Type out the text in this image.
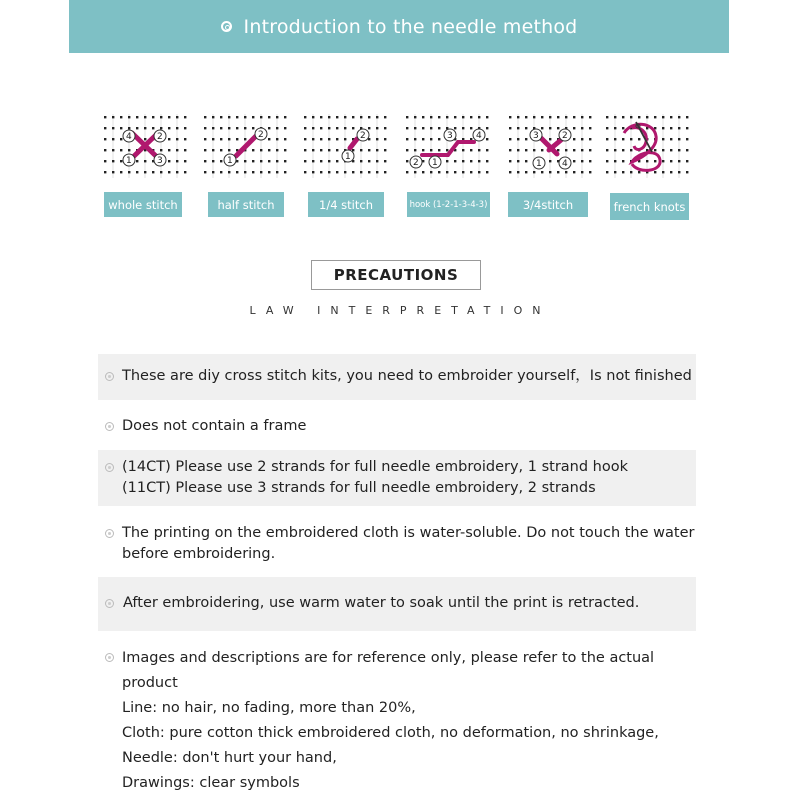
Introduction to the needle method
4	2
1	3
2
1
2
1
3	4
2 1
3	2
1 4
whole stitch	half stitch	1/4 stitch	hook (1-2-1-3-4-3)	3/4stitch	french knots
PRECAUTIONS
LAW INTERPRETATION

These are diy cross stitch kits, you need to embroider yourself，Is not finished

Does not contain a frame

(14CT) Please use 2 strands for full needle embroidery, 1 strand hook

(11CT) Please use 3 strands for full needle embroidery, 2 strands

The printing on the embroidered cloth is water-soluble. Do not touch the water

before embroidering.

After embroidering, use warm water to soak until the print is retracted.

Images and descriptions are for reference only, please refer to the actual product

Line: no hair, no fading, more than 20%,

Cloth: pure cotton thick embroidered cloth, no deformation, no shrinkage,

Needle: don't hurt your hand,

Drawings: clear symbols
